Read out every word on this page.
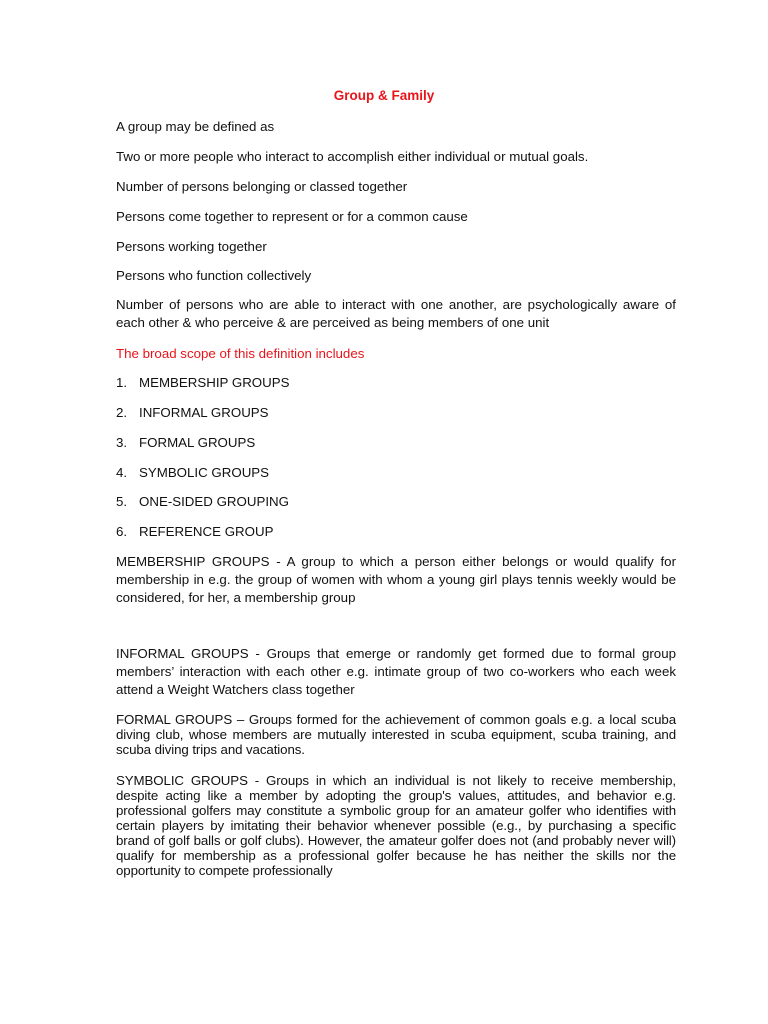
Group & Family
A group may be defined as
Two or more people who interact to accomplish either individual or mutual goals.
Number of persons belonging or classed together
Persons come together to represent or for a common cause
Persons working together
Persons who function collectively
Number of persons who are able to interact with one another, are psychologically aware of each other & who perceive & are perceived as being members of one unit
The broad scope of this definition includes
1. MEMBERSHIP GROUPS
2. INFORMAL GROUPS
3. FORMAL GROUPS
4. SYMBOLIC GROUPS
5. ONE-SIDED GROUPING
6. REFERENCE GROUP
MEMBERSHIP GROUPS - A group to which a person either belongs or would qualify for membership in e.g. the group of women with whom a young girl plays tennis weekly would be considered, for her, a membership group
INFORMAL GROUPS - Groups that emerge or randomly get formed due to formal group members’ interaction with each other e.g. intimate group of two co-workers who each week attend a Weight Watchers class together
FORMAL GROUPS – Groups formed for the achievement of common goals e.g. a local scuba diving club, whose members are mutually interested in scuba equipment, scuba training, and scuba diving trips and vacations.
SYMBOLIC GROUPS - Groups in which an individual is not likely to receive membership, despite acting like a member by adopting the group's values, attitudes, and behavior e.g. professional golfers may constitute a symbolic group for an amateur golfer who identifies with certain players by imitating their behavior whenever possible (e.g., by purchasing a specific brand of golf balls or golf clubs). However, the amateur golfer does not (and probably never will) qualify for membership as a professional golfer because he has neither the skills nor the opportunity to compete professionally
